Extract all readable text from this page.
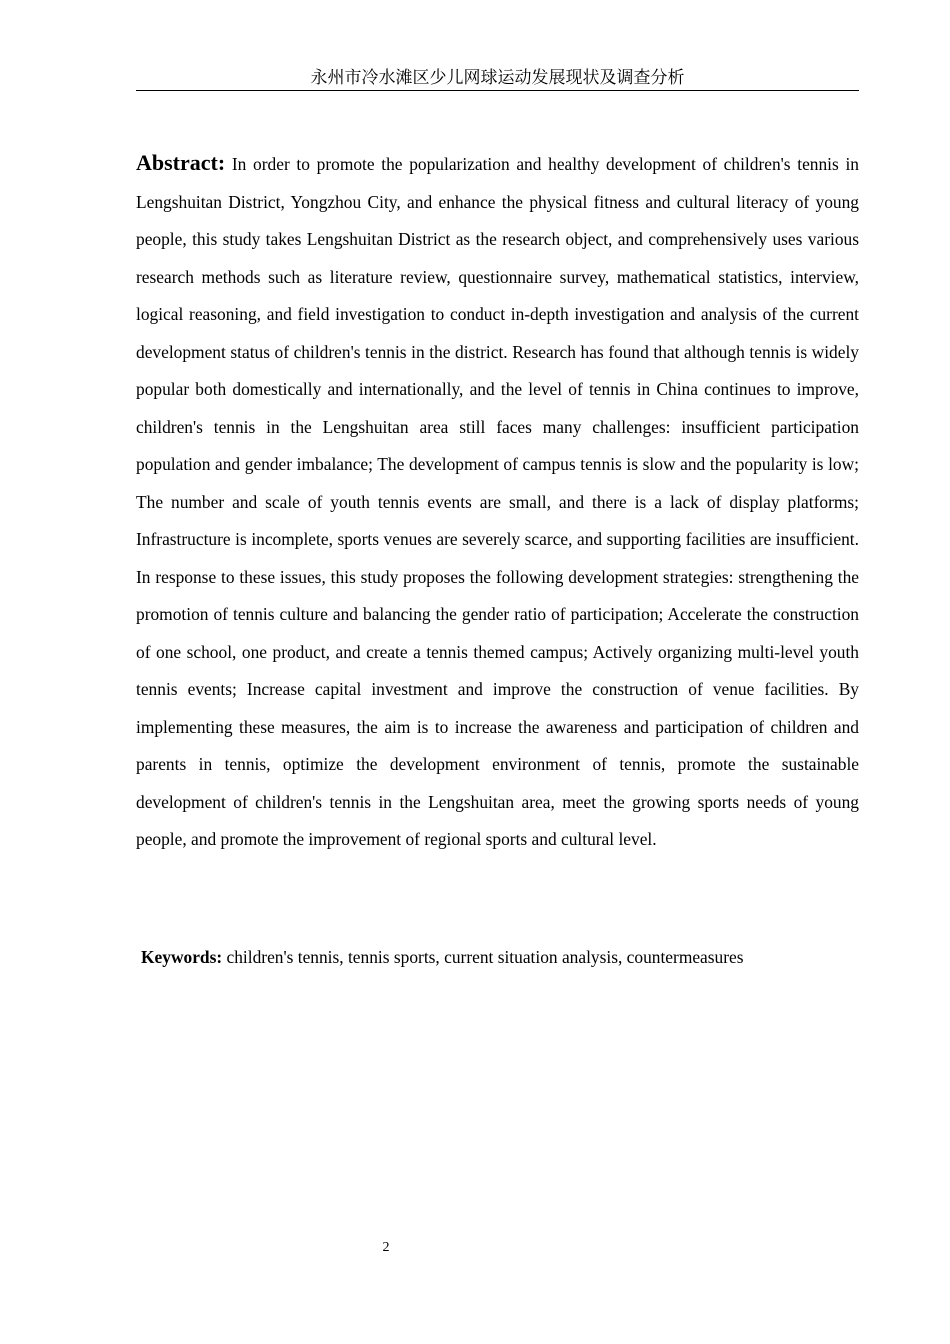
永州市冷水滩区少儿网球运动发展现状及调查分析

Abstract: In order to promote the popularization and healthy development of children's tennis in Lengshuitan District, Yongzhou City, and enhance the physical fitness and cultural literacy of young people, this study takes Lengshuitan District as the research object, and comprehensively uses various research methods such as literature review, questionnaire survey, mathematical statistics, interview, logical reasoning, and field investigation to conduct in-depth investigation and analysis of the current development status of children's tennis in the district. Research has found that although tennis is widely popular both domestically and internationally, and the level of tennis in China continues to improve, children's tennis in the Lengshuitan area still faces many challenges: insufficient participation population and gender imbalance; The development of campus tennis is slow and the popularity is low; The number and scale of youth tennis events are small, and there is a lack of display platforms; Infrastructure is incomplete, sports venues are severely scarce, and supporting facilities are insufficient. In response to these issues, this study proposes the following development strategies: strengthening the promotion of tennis culture and balancing the gender ratio of participation; Accelerate the construction of one school, one product, and create a tennis themed campus; Actively organizing multi-level youth tennis events; Increase capital investment and improve the construction of venue facilities. By implementing these measures, the aim is to increase the awareness and participation of children and parents in tennis, optimize the development environment of tennis, promote the sustainable development of children's tennis in the Lengshuitan area, meet the growing sports needs of young people, and promote the improvement of regional sports and cultural level.

Keywords: children's tennis, tennis sports, current situation analysis, countermeasures

2
